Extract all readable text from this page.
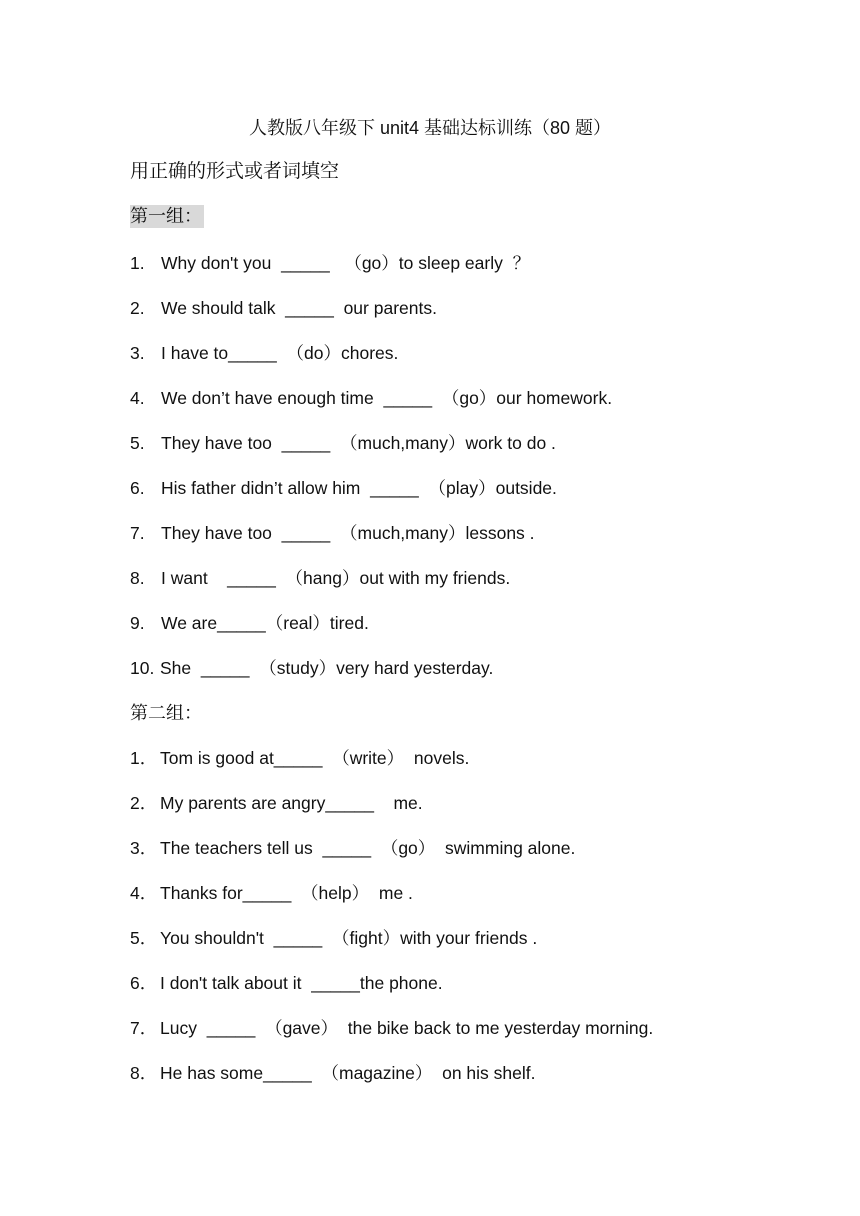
人教版八年级下 unit4 基础达标训练（80 题）
用正确的形式或者词填空
第一组：
1. Why don't you  _____   （go）to sleep early  ？
2. We should talk  _____  our parents.
3. I have to_____  （do）chores.
4. We don’t have enough time  _____  （go）our homework.
5. They have too  _____  （much,many）work to do .
6. His father didn’t allow him  _____  （play）outside.
7. They have too  _____  （much,many）lessons .
8. I want    _____  （hang）out with my friends.
9. We are_____（real）tired.
10. She  _____  （study）very hard yesterday.
第二组：
1． Tom is good at_____  （write）  novels.
2． My parents are angry_____    me.
3． The teachers tell us  _____  （go）  swimming alone.
4． Thanks for_____  （help）  me .
5． You shouldn't  _____  （fight）with your friends .
6． I don't talk about it  _____the phone.
7． Lucy  _____  （gave）  the bike back to me yesterday morning.
8． He has some_____  （magazine）  on his shelf.
